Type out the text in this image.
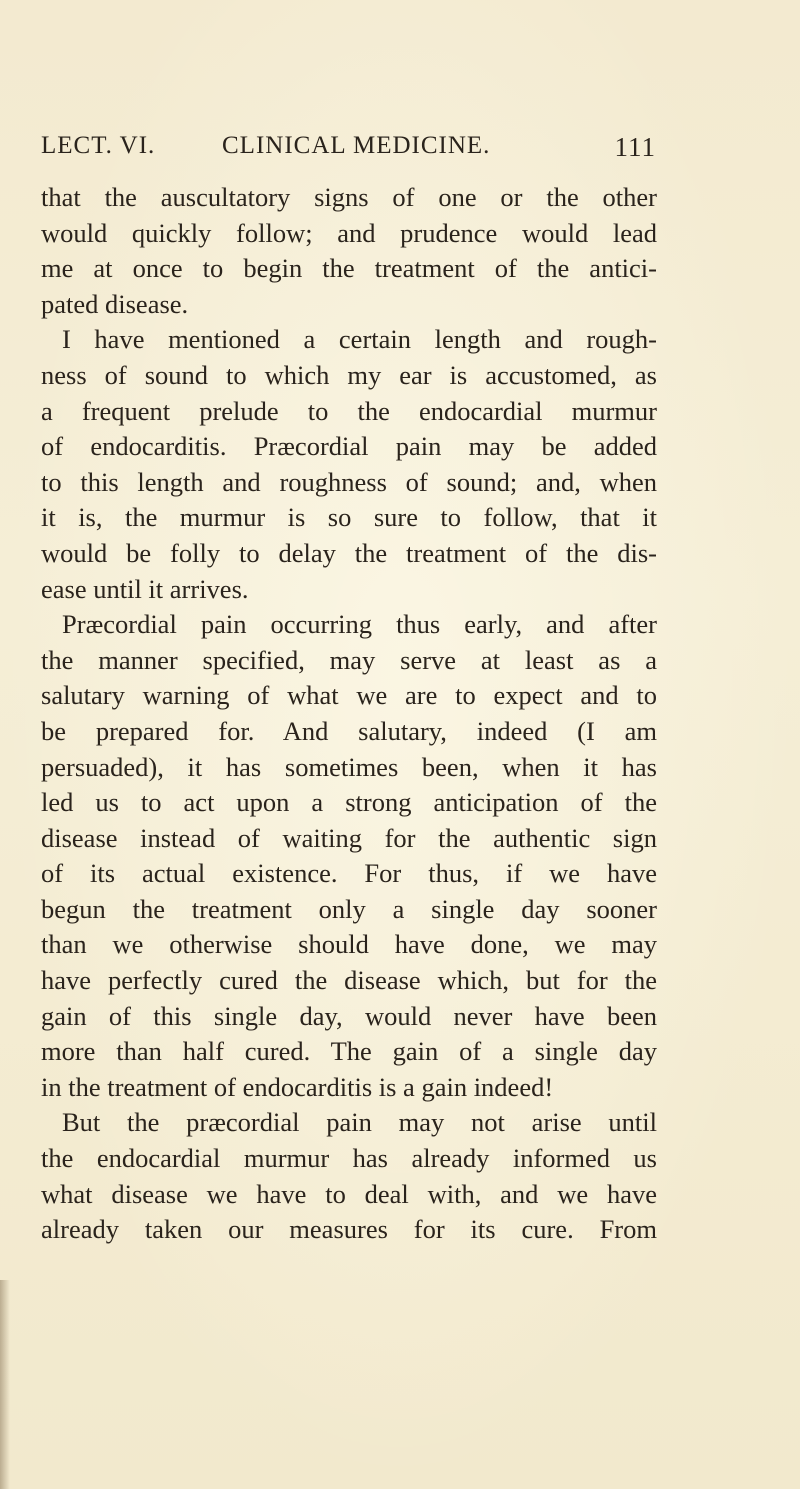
LECT. VI.	CLINICAL MEDICINE.	111
that the auscultatory signs of one or the other
would quickly follow; and prudence would lead
me at once to begin the treatment of the antici-
pated disease.
I have mentioned a certain length and rough-
ness of sound to which my ear is accustomed, as
a frequent prelude to the endocardial murmur
of endocarditis. Præcordial pain may be added
to this length and roughness of sound; and, when
it is, the murmur is so sure to follow, that it
would be folly to delay the treatment of the dis-
ease until it arrives.
Præcordial pain occurring thus early, and after
the manner specified, may serve at least as a
salutary warning of what we are to expect and to
be prepared for. And salutary, indeed (I am
persuaded), it has sometimes been, when it has
led us to act upon a strong anticipation of the
disease instead of waiting for the authentic sign
of its actual existence. For thus, if we have
begun the treatment only a single day sooner
than we otherwise should have done, we may
have perfectly cured the disease which, but for the
gain of this single day, would never have been
more than half cured. The gain of a single day
in the treatment of endocarditis is a gain indeed!
But the præcordial pain may not arise until
the endocardial murmur has already informed us
what disease we have to deal with, and we have
already taken our measures for its cure. From
